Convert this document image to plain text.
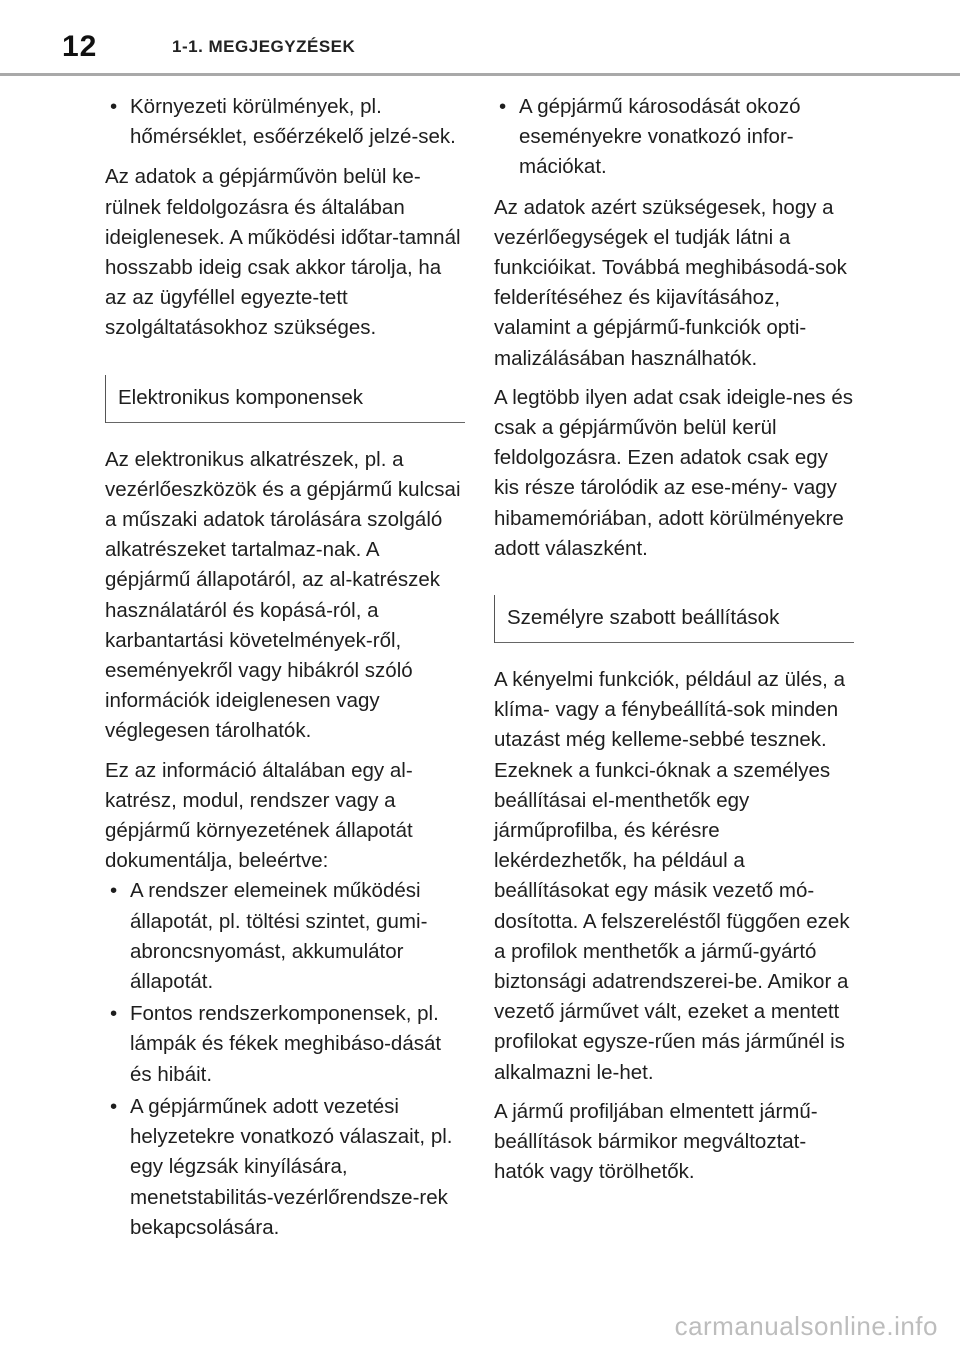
12	1-1. MEGJEGYZÉSEK
• Környezeti körülmények, pl. hőmérséklet, esőérzékelő jelzé-sek.

Az adatok a gépjárművön belül ke-rülnek feldolgozásra és általában ideiglenesek. A működési időtar-tamnál hosszabb ideig csak akkor tárolja, ha az az ügyféllel egyezte-tett szolgáltatásokhoz szükséges.

Elektronikus komponensek

Az elektronikus alkatrészek, pl. a vezérlőeszközök és a gépjármű kulcsai a műszaki adatok tárolására szolgáló alkatrészeket tartalmaz-nak. A gépjármű állapotáról, az al-katrészek használatáról és kopásá-ról, a karbantartási követelmények-ről, eseményekről vagy hibákról szóló információk ideiglenesen vagy véglegesen tárolhatók.

Ez az információ általában egy al-katrész, modul, rendszer vagy a gépjármű környezetének állapotát dokumentálja, beleértve:

• A rendszer elemeinek működési állapotát, pl. töltési szintet, gumi-abroncsnyomást, akkumulátor állapotát.
• Fontos rendszerkomponensek, pl. lámpák és fékek meghibáso-dását és hibáit.
• A gépjárműnek adott vezetési helyzetekre vonatkozó válaszait, pl. egy légzsák kinyílására, menetstabilitás-vezérlőrendsze-rek bekapcsolására.
• A gépjármű károsodását okozó eseményekre vonatkozó infor-mációkat.

Az adatok azért szükségesek, hogy a vezérlőegységek el tudják látni a funkcióikat. Továbbá meghibásodá-sok felderítéséhez és kijavításához, valamint a gépjármű-funkciók opti-malizálásában használhatók.

A legtöbb ilyen adat csak ideigle-nes és csak a gépjárművön belül kerül feldolgozásra. Ezen adatok csak egy kis része tárolódik az ese-mény- vagy hibamemóriában, adott körülményekre adott válaszként.

Személyre szabott beállítások

A kényelmi funkciók, például az ülés, a klíma- vagy a fénybeállítá-sok minden utazást még kelleme-sebbé tesznek. Ezeknek a funkci-óknak a személyes beállításai el-menthetők egy járműprofilba, és kérésre lekérdezhetők, ha például a beállításokat egy másik vezető mó-dosította. A felszereléstől függően ezek a profilok menthetők a jármű-gyártó biztonsági adatrendszerei-be. Amikor a vezető járművet vált, ezeket a mentett profilokat egysze-rűen más járműnél is alkalmazni le-het.

A jármű profiljában elmentett jármű-beállítások bármikor megváltoztat-hatók vagy törölhetők.

carmanualsonline.info
